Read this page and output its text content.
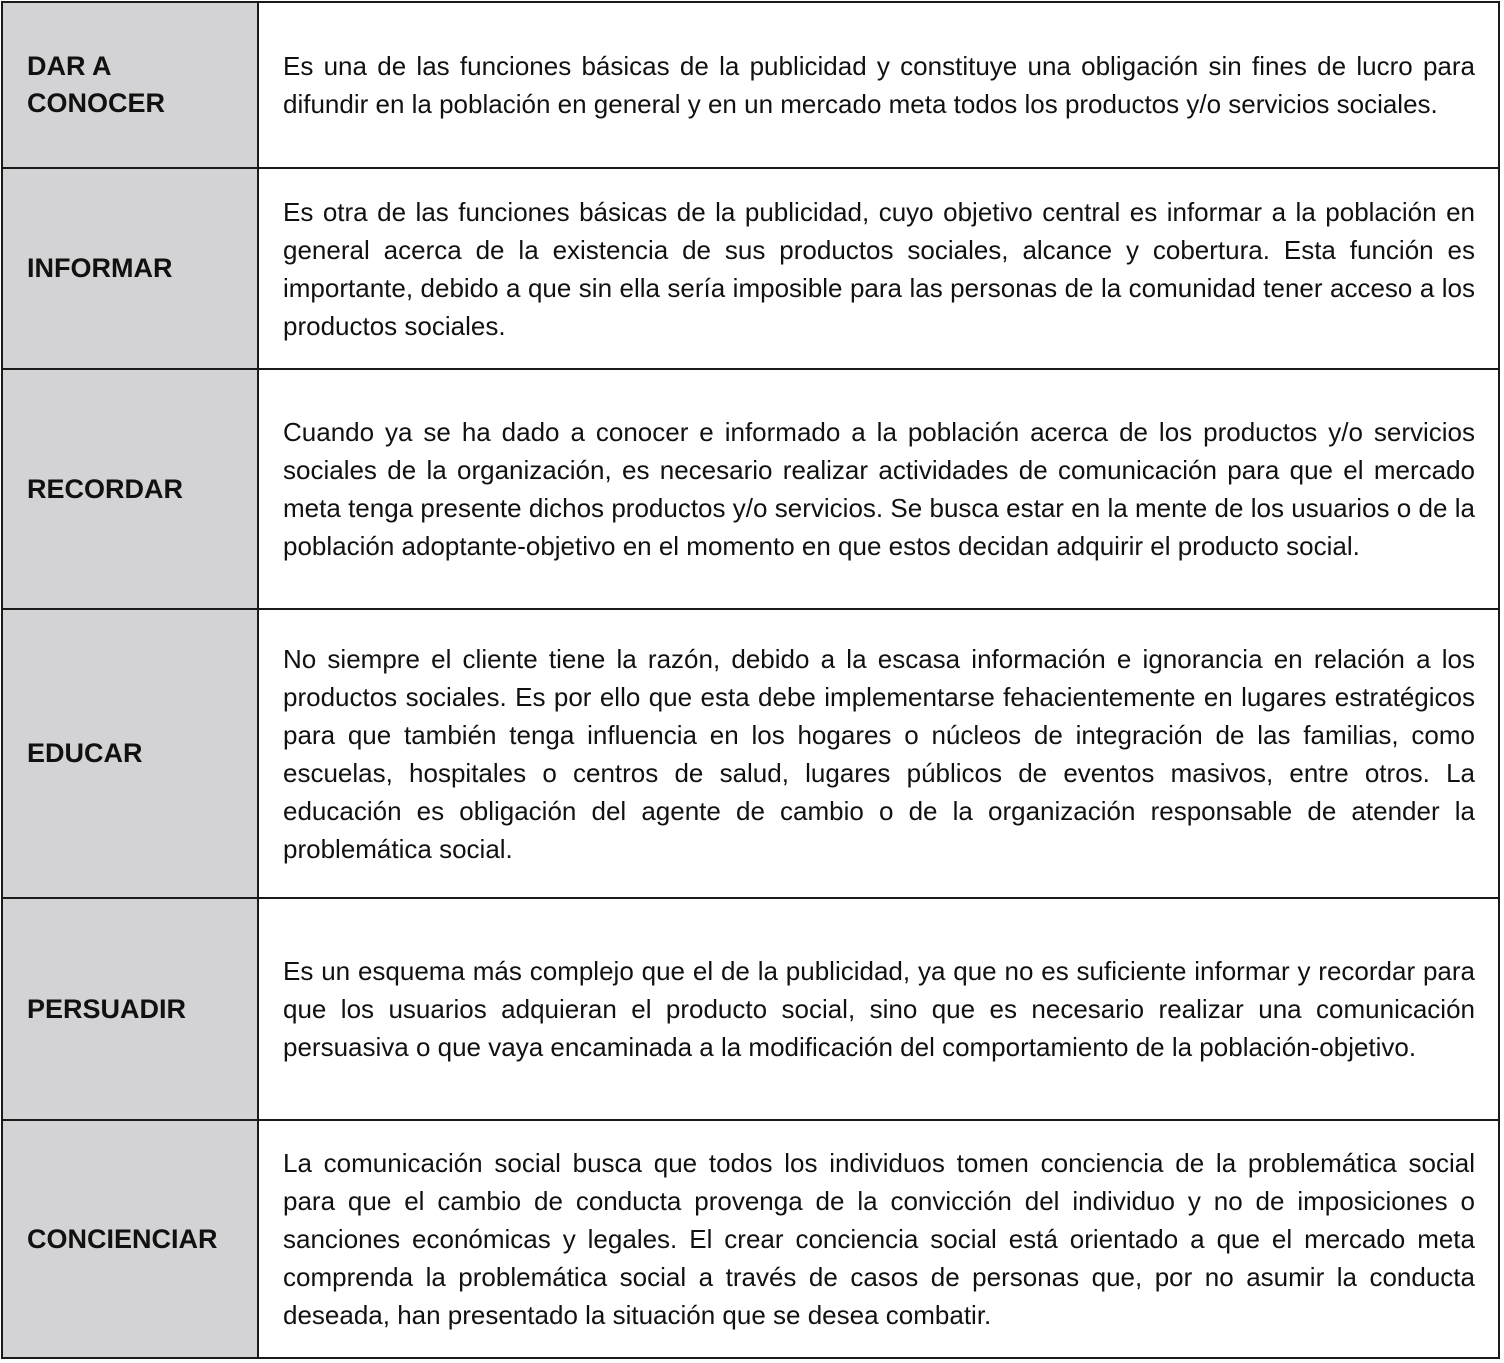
DAR A
CONOCER

Es una de las funciones básicas de la publicidad y constituye una obligación sin fines de lucro para difundir en la población en general y en un mercado meta todos los productos y/o servicios sociales.

INFORMAR

Es otra de las funciones básicas de la publicidad, cuyo objetivo central es informar a la población en general acerca de la existencia de sus productos sociales, alcance y cobertura. Esta función es importante, debido a que sin ella sería imposible para las personas de la comunidad tener acceso a los productos sociales.

RECORDAR

Cuando ya se ha dado a conocer e informado a la población acerca de los productos y/o servicios sociales de la organización, es necesario realizar actividades de comunicación para que el mercado meta tenga presente dichos productos y/o servicios. Se busca estar en la mente de los usuarios o de la población adoptante-objetivo en el momento en que estos decidan adquirir el producto social.

EDUCAR

No siempre el cliente tiene la razón, debido a la escasa información e ignorancia en relación a los productos sociales. Es por ello que esta debe implementarse fehacientemente en lugares estratégicos para que también tenga influencia en los hogares o núcleos de integración de las familias, como escuelas, hospitales o centros de salud, lugares públicos de eventos masivos, entre otros. La educación es obligación del agente de cambio o de la organización responsable de atender la problemática social.

PERSUADIR

Es un esquema más complejo que el de la publicidad, ya que no es suficiente informar y recordar para que los usuarios adquieran el producto social, sino que es necesario realizar una comunicación persuasiva o que vaya encaminada a la modificación del comportamiento de la población-objetivo.

CONCIENCIAR

La comunicación social busca que todos los individuos tomen conciencia de la problemática social para que el cambio de conducta provenga de la convicción del individuo y no de imposiciones o sanciones económicas y legales. El crear conciencia social está orientado a que el mercado meta comprenda la problemática social a través de casos de personas que, por no asumir la conducta deseada, han presentado la situación que se desea combatir.
